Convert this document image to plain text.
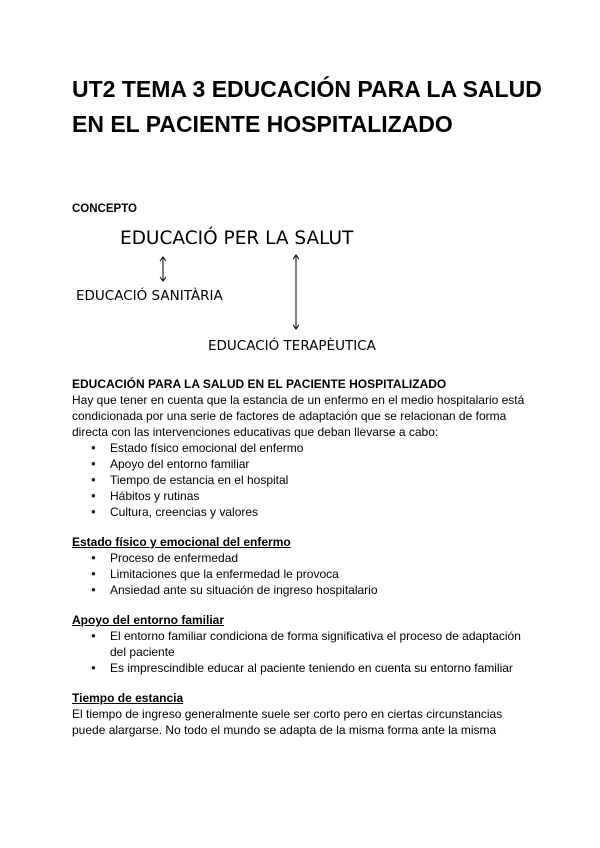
UT2 TEMA 3 EDUCACIÓN PARA LA SALUD EN EL PACIENTE HOSPITALIZADO

CONCEPTO

EDUCACIÓ PER LA SALUT
EDUCACIÓ SANITÀRIA
EDUCACIÓ TERAPÈUTICA

EDUCACIÓN PARA LA SALUD EN EL PACIENTE HOSPITALIZADO

Hay que tener en cuenta que la estancia de un enfermo en el medio hospitalario está condicionada por una serie de factores de adaptación que se relacionan de forma directa con las intervenciones educativas que deban llevarse a cabo:

● Estado físico emocional del enfermo
● Apoyo del entorno familiar
● Tiempo de estancia en el hospital
● Hábitos y rutinas
● Cultura, creencias y valores

Estado físico y emocional del enfermo

● Proceso de enfermedad
● Limitaciones que la enfermedad le provoca
● Ansiedad ante su situación de ingreso hospitalario

Apoyo del entorno familiar

● El entorno familiar condiciona de forma significativa el proceso de adaptación del paciente
● Es imprescindible educar al paciente teniendo en cuenta su entorno familiar

Tiempo de estancia

El tiempo de ingreso generalmente suele ser corto pero en ciertas circunstancias puede alargarse. No todo el mundo se adapta de la misma forma ante la misma
